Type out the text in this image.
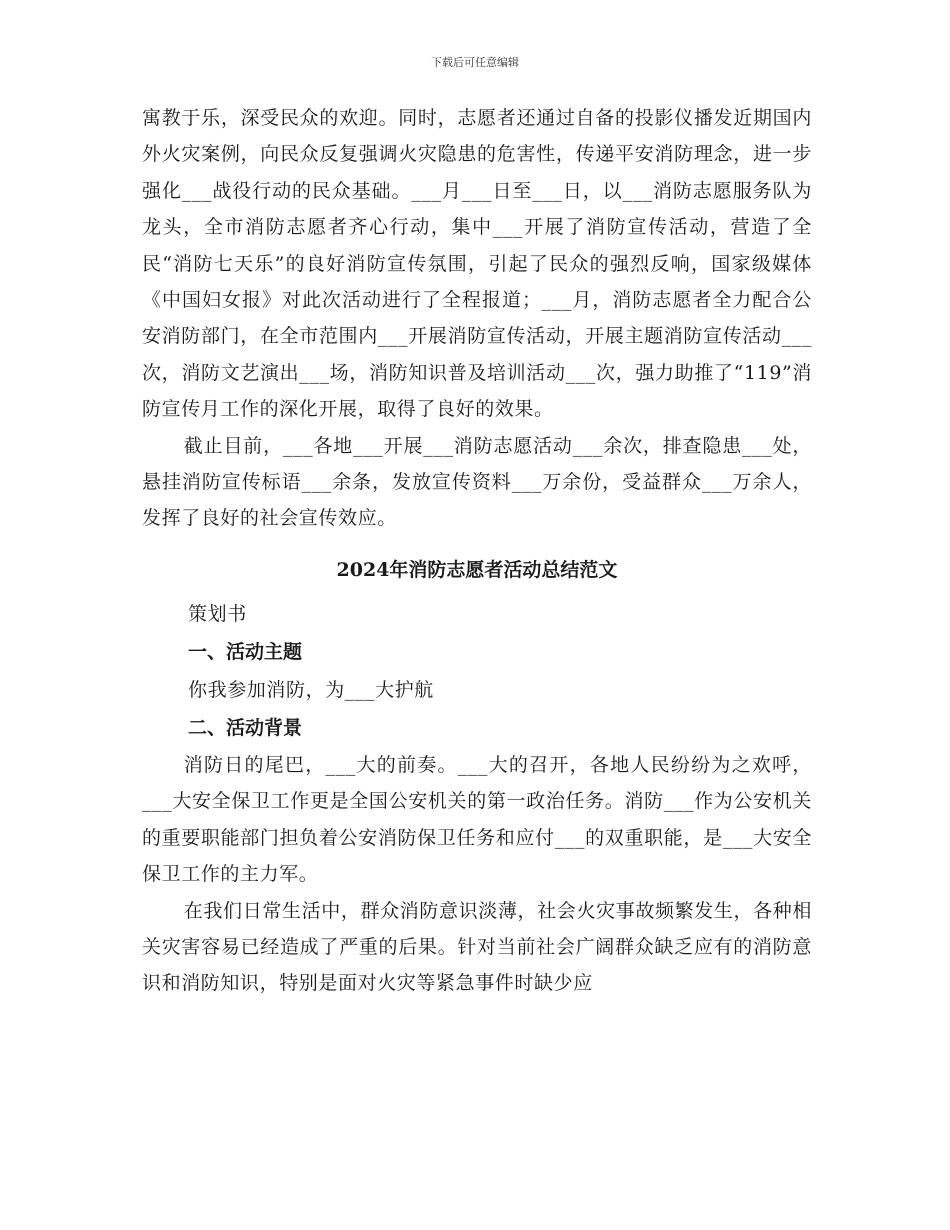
下载后可任意编辑

寓教于乐，深受民众的欢迎。同时，志愿者还通过自备的投影仪播发近期国内外火灾案例，向民众反复强调火灾隐患的危害性，传递平安消防理念，进一步强化___战役行动的民众基础。___月___日至___日，以___消防志愿服务队为龙头，全市消防志愿者齐心行动，集中___开展了消防宣传活动，营造了全民“消防七天乐”的良好消防宣传氛围，引起了民众的强烈反响，国家级媒体《中国妇女报》对此次活动进行了全程报道；___月，消防志愿者全力配合公安消防部门，在全市范围内___开展消防宣传活动，开展主题消防宣传活动___次，消防文艺演出___场，消防知识普及培训活动___次，强力助推了“119”消防宣传月工作的深化开展，取得了良好的效果。

截止目前，___各地___开展___消防志愿活动___余次，排查隐患___处，悬挂消防宣传标语___余条，发放宣传资料___万余份，受益群众___万余人，发挥了良好的社会宣传效应。

2024年消防志愿者活动总结范文

策划书

一、活动主题

你我参加消防，为___大护航

二、活动背景

消防日的尾巴，___大的前奏。___大的召开，各地人民纷纷为之欢呼，___大安全保卫工作更是全国公安机关的第一政治任务。消防___作为公安机关的重要职能部门担负着公安消防保卫任务和应付___的双重职能，是___大安全保卫工作的主力军。

在我们日常生活中，群众消防意识淡薄，社会火灾事故频繁发生，各种相关灾害容易已经造成了严重的后果。针对当前社会广阔群众缺乏应有的消防意识和消防知识，特别是面对火灾等紧急事件时缺少应
